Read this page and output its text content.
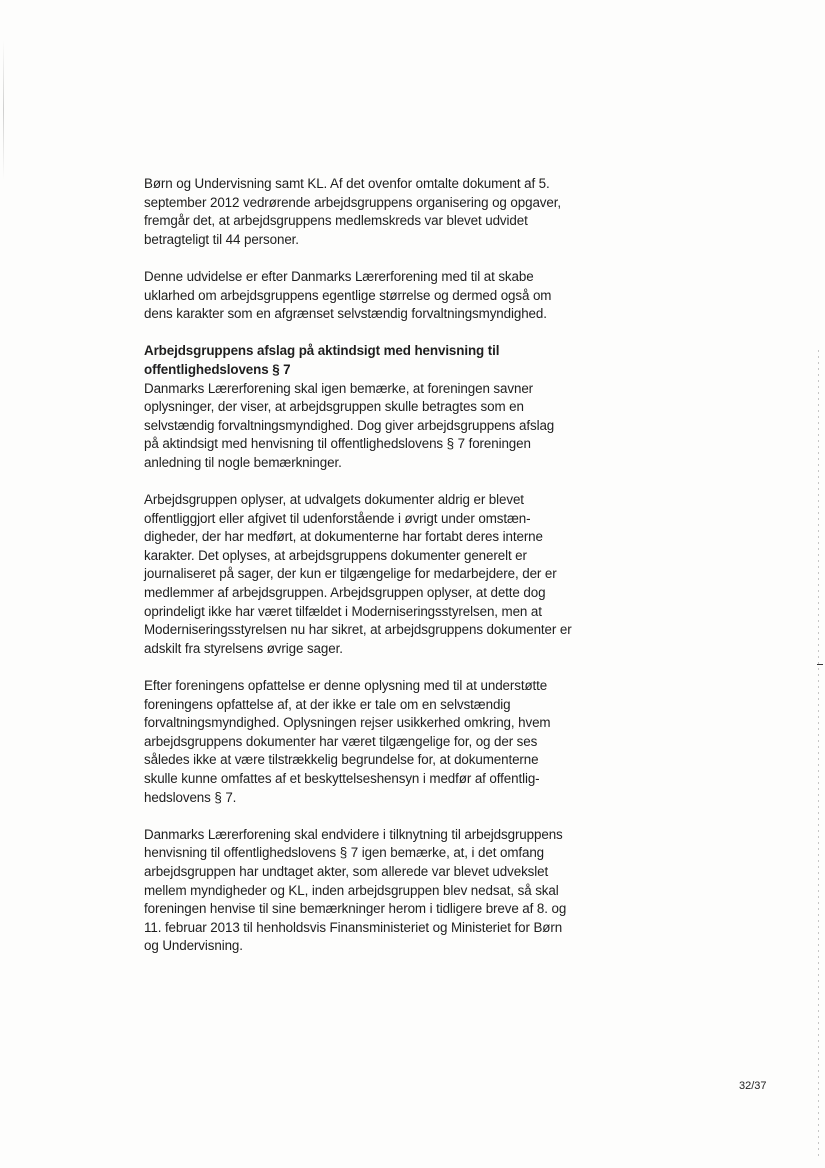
Børn og Undervisning samt KL. Af det ovenfor omtalte dokument af 5.
september 2012 vedrørende arbejdsgruppens organisering og opgaver,
fremgår det, at arbejdsgruppens medlemskreds var blevet udvidet
betragteligt til 44 personer.

Denne udvidelse er efter Danmarks Lærerforening med til at skabe
uklarhed om arbejdsgruppens egentlige størrelse og dermed også om
dens karakter som en afgrænset selvstændig forvaltningsmyndighed.

Arbejdsgruppens afslag på aktindsigt med henvisning til
offentlighedslovens § 7
Danmarks Lærerforening skal igen bemærke, at foreningen savner
oplysninger, der viser, at arbejdsgruppen skulle betragtes som en
selvstændig forvaltningsmyndighed. Dog giver arbejdsgruppens afslag
på aktindsigt med henvisning til offentlighedslovens § 7 foreningen
anledning til nogle bemærkninger.

Arbejdsgruppen oplyser, at udvalgets dokumenter aldrig er blevet
offentliggjort eller afgivet til udenforstående i øvrigt under omstæn-
digheder, der har medført, at dokumenterne har fortabt deres interne
karakter. Det oplyses, at arbejdsgruppens dokumenter generelt er
journaliseret på sager, der kun er tilgængelige for medarbejdere, der er
medlemmer af arbejdsgruppen. Arbejdsgruppen oplyser, at dette dog
oprindeligt ikke har været tilfældet i Moderniseringsstyrelsen, men at
Moderniseringsstyrelsen nu har sikret, at arbejdsgruppens dokumenter er
adskilt fra styrelsens øvrige sager.

Efter foreningens opfattelse er denne oplysning med til at understøtte
foreningens opfattelse af, at der ikke er tale om en selvstændig
forvaltningsmyndighed. Oplysningen rejser usikkerhed omkring, hvem
arbejdsgruppens dokumenter har været tilgængelige for, og der ses
således ikke at være tilstrækkelig begrundelse for, at dokumenterne
skulle kunne omfattes af et beskyttelseshensyn i medfør af offentlig-
hedslovens § 7.

Danmarks Lærerforening skal endvidere i tilknytning til arbejdsgruppens
henvisning til offentlighedslovens § 7 igen bemærke, at, i det omfang
arbejdsgruppen har undtaget akter, som allerede var blevet udvekslet
mellem myndigheder og KL, inden arbejdsgruppen blev nedsat, så skal
foreningen henvise til sine bemærkninger herom i tidligere breve af 8. og
11. februar 2013 til henholdsvis Finansministeriet og Ministeriet for Børn
og Undervisning.

32/37
